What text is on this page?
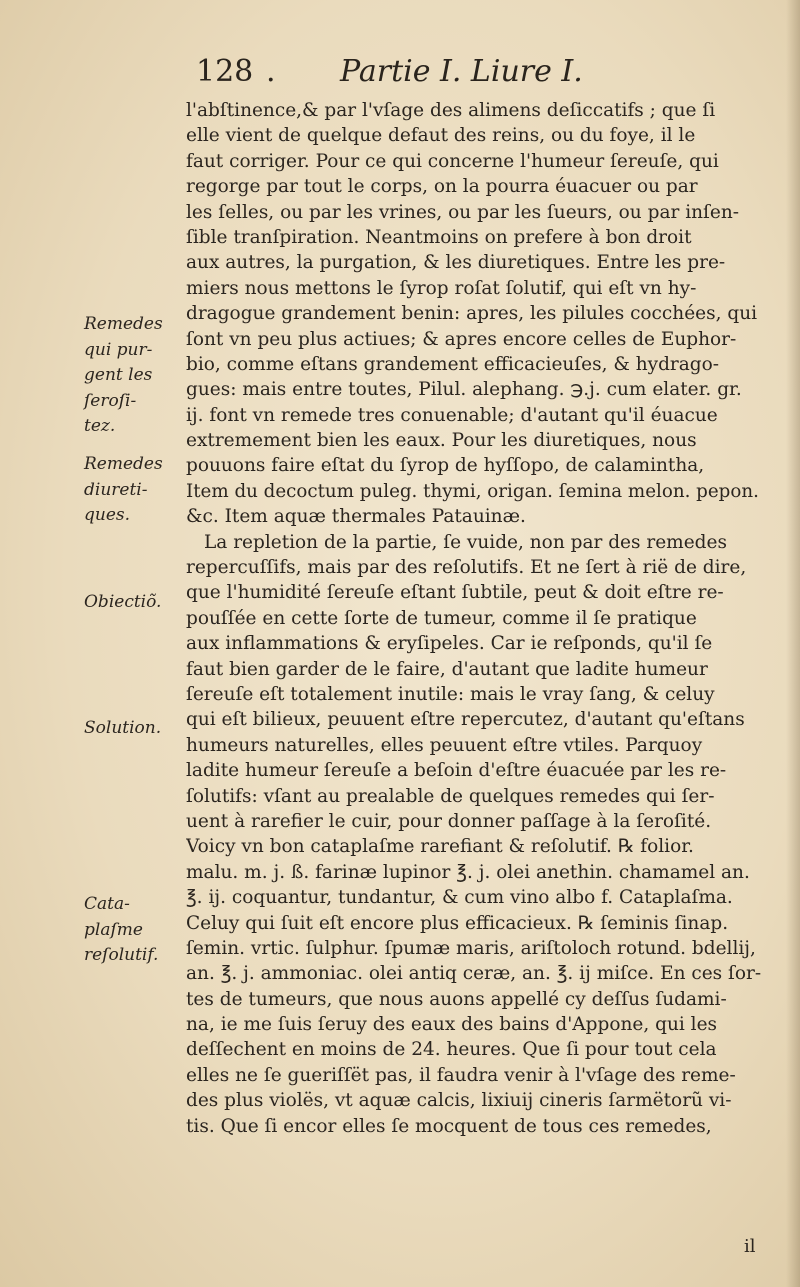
128 . Partie I. Liure I.
l'abſtinence,& par l'vſage des alimens deſiccatifs ; que ſi
elle vient de quelque defaut des reins, ou du foye, il le
faut corriger. Pour ce qui concerne l'humeur ſereuſe, qui
regorge par tout le corps, on la pourra éuacuer ou par
les ſelles, ou par les vrines, ou par les ſueurs, ou par inſen-
ſible tranſpiration. Neantmoins on prefere à bon droit
aux autres, la purgation, & les diuretiques. Entre les pre-
miers nous mettons le ſyrop roſat ſolutif, qui eſt vn hy-
dragogue grandement benin: apres, les pilules cocchées, qui
ſont vn peu plus actiues; & apres encore celles de Euphor-
bio, comme eſtans grandement efficacieuſes, & hydrago-
gues: mais entre toutes, Pilul. alephang. ℈.j. cum elater. gr.
ij. font vn remede tres conuenable; d'autant qu'il éuacue
extremement bien les eaux. Pour les diuretiques, nous
pouuons faire eſtat du ſyrop de hyſſopo, de calamintha,
Item du decoctum puleg. thymi, origan. ſemina melon. pepon.
&c. Item aquæ thermales Patauinæ.
La repletion de la partie, ſe vuide, non par des remedes
repercuſſifs, mais par des reſolutifs. Et ne ſert à rië de dire,
que l'humidité ſereuſe eſtant ſubtile, peut & doit eſtre re-
pouſſée en cette ſorte de tumeur, comme il ſe pratique
aux inflammations & eryſipeles. Car ie reſponds, qu'il ſe
faut bien garder de le faire, d'autant que ladite humeur
ſereuſe eſt totalement inutile: mais le vray ſang, & celuy
qui eſt bilieux, peuuent eſtre repercutez, d'autant qu'eſtans
humeurs naturelles, elles peuuent eſtre vtiles. Parquoy
ladite humeur ſereuſe a beſoin d'eſtre éuacuée par les re-
ſolutifs: vſant au prealable de quelques remedes qui ſer-
uent à rarefier le cuir, pour donner paſſage à la ſeroſité.
Voicy vn bon cataplaſme rarefiant & reſolutif. ℞ folior.
malu. m. j. ß. farinæ lupinor ℥. j. olei anethin. chamamel an.
℥. ij. coquantur, tundantur, & cum vino albo f. Cataplaſma.
Celuy qui ſuit eſt encore plus efficacieux. ℞ ſeminis ſinap.
ſemin. vrtic. ſulphur. ſpumæ maris, ariſtoloch rotund. bdellij,
an. ℥. j. ammoniac. olei antiq ceræ, an. ℥. ij miſce. En ces ſor-
tes de tumeurs, que nous auons appellé cy deſſus ſudami-
na, ie me ſuis ſeruy des eaux des bains d'Appone, qui les
deſſechent en moins de 24. heures. Que ſi pour tout cela
elles ne ſe gueriſſët pas, il faudra venir à l'vſage des reme-
des plus violës, vt aquæ calcis, lixiuij cineris ſarmëtorũ vi-
tis. Que ſi encor elles ſe mocquent de tous ces remedes,
il
Remedes
qui pur-
gent les
ſeroſi-
tez.
Remedes
diureti-
ques.
Obiectiõ.
Solution.
Cata-
plaſme
reſolutif.
